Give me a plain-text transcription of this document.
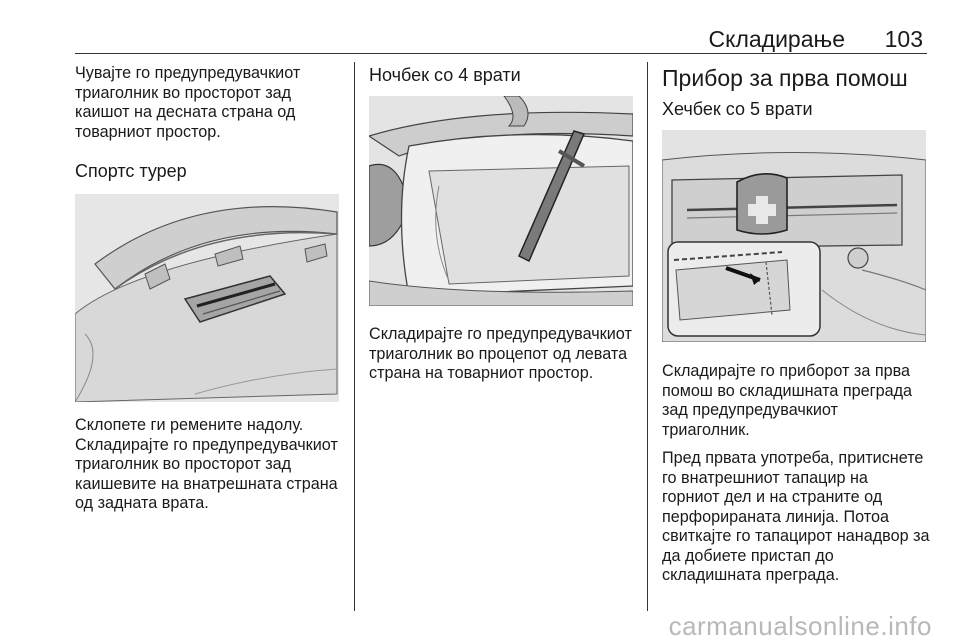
Складирање 103

Чувајте го предупредувачкиот триаголник во просторот зад каишот на десната страна од товарниот простор.

Спортс турер

Склопете ги ремените надолу. Складирајте го предупредувачкиот триаголник во просторот зад каишевите на внатрешната страна од задната врата.

Ночбек со 4 врати

Складирајте го предупредувачкиот триаголник во процепот од левата страна на товарниот простор.

Прибор за прва помош
Хечбек со 5 врати

Складирајте го приборот за прва помош во складишната преграда зад предупредувачкиот триаголник.

Пред првата употреба, притиснете го внатрешниот тапацир на горниот дел и на страните од перфорираната линија. Потоа свиткајте го тапацирот нанадвор за да добиете пристап до складишната преграда.

carmanualsonline.info
